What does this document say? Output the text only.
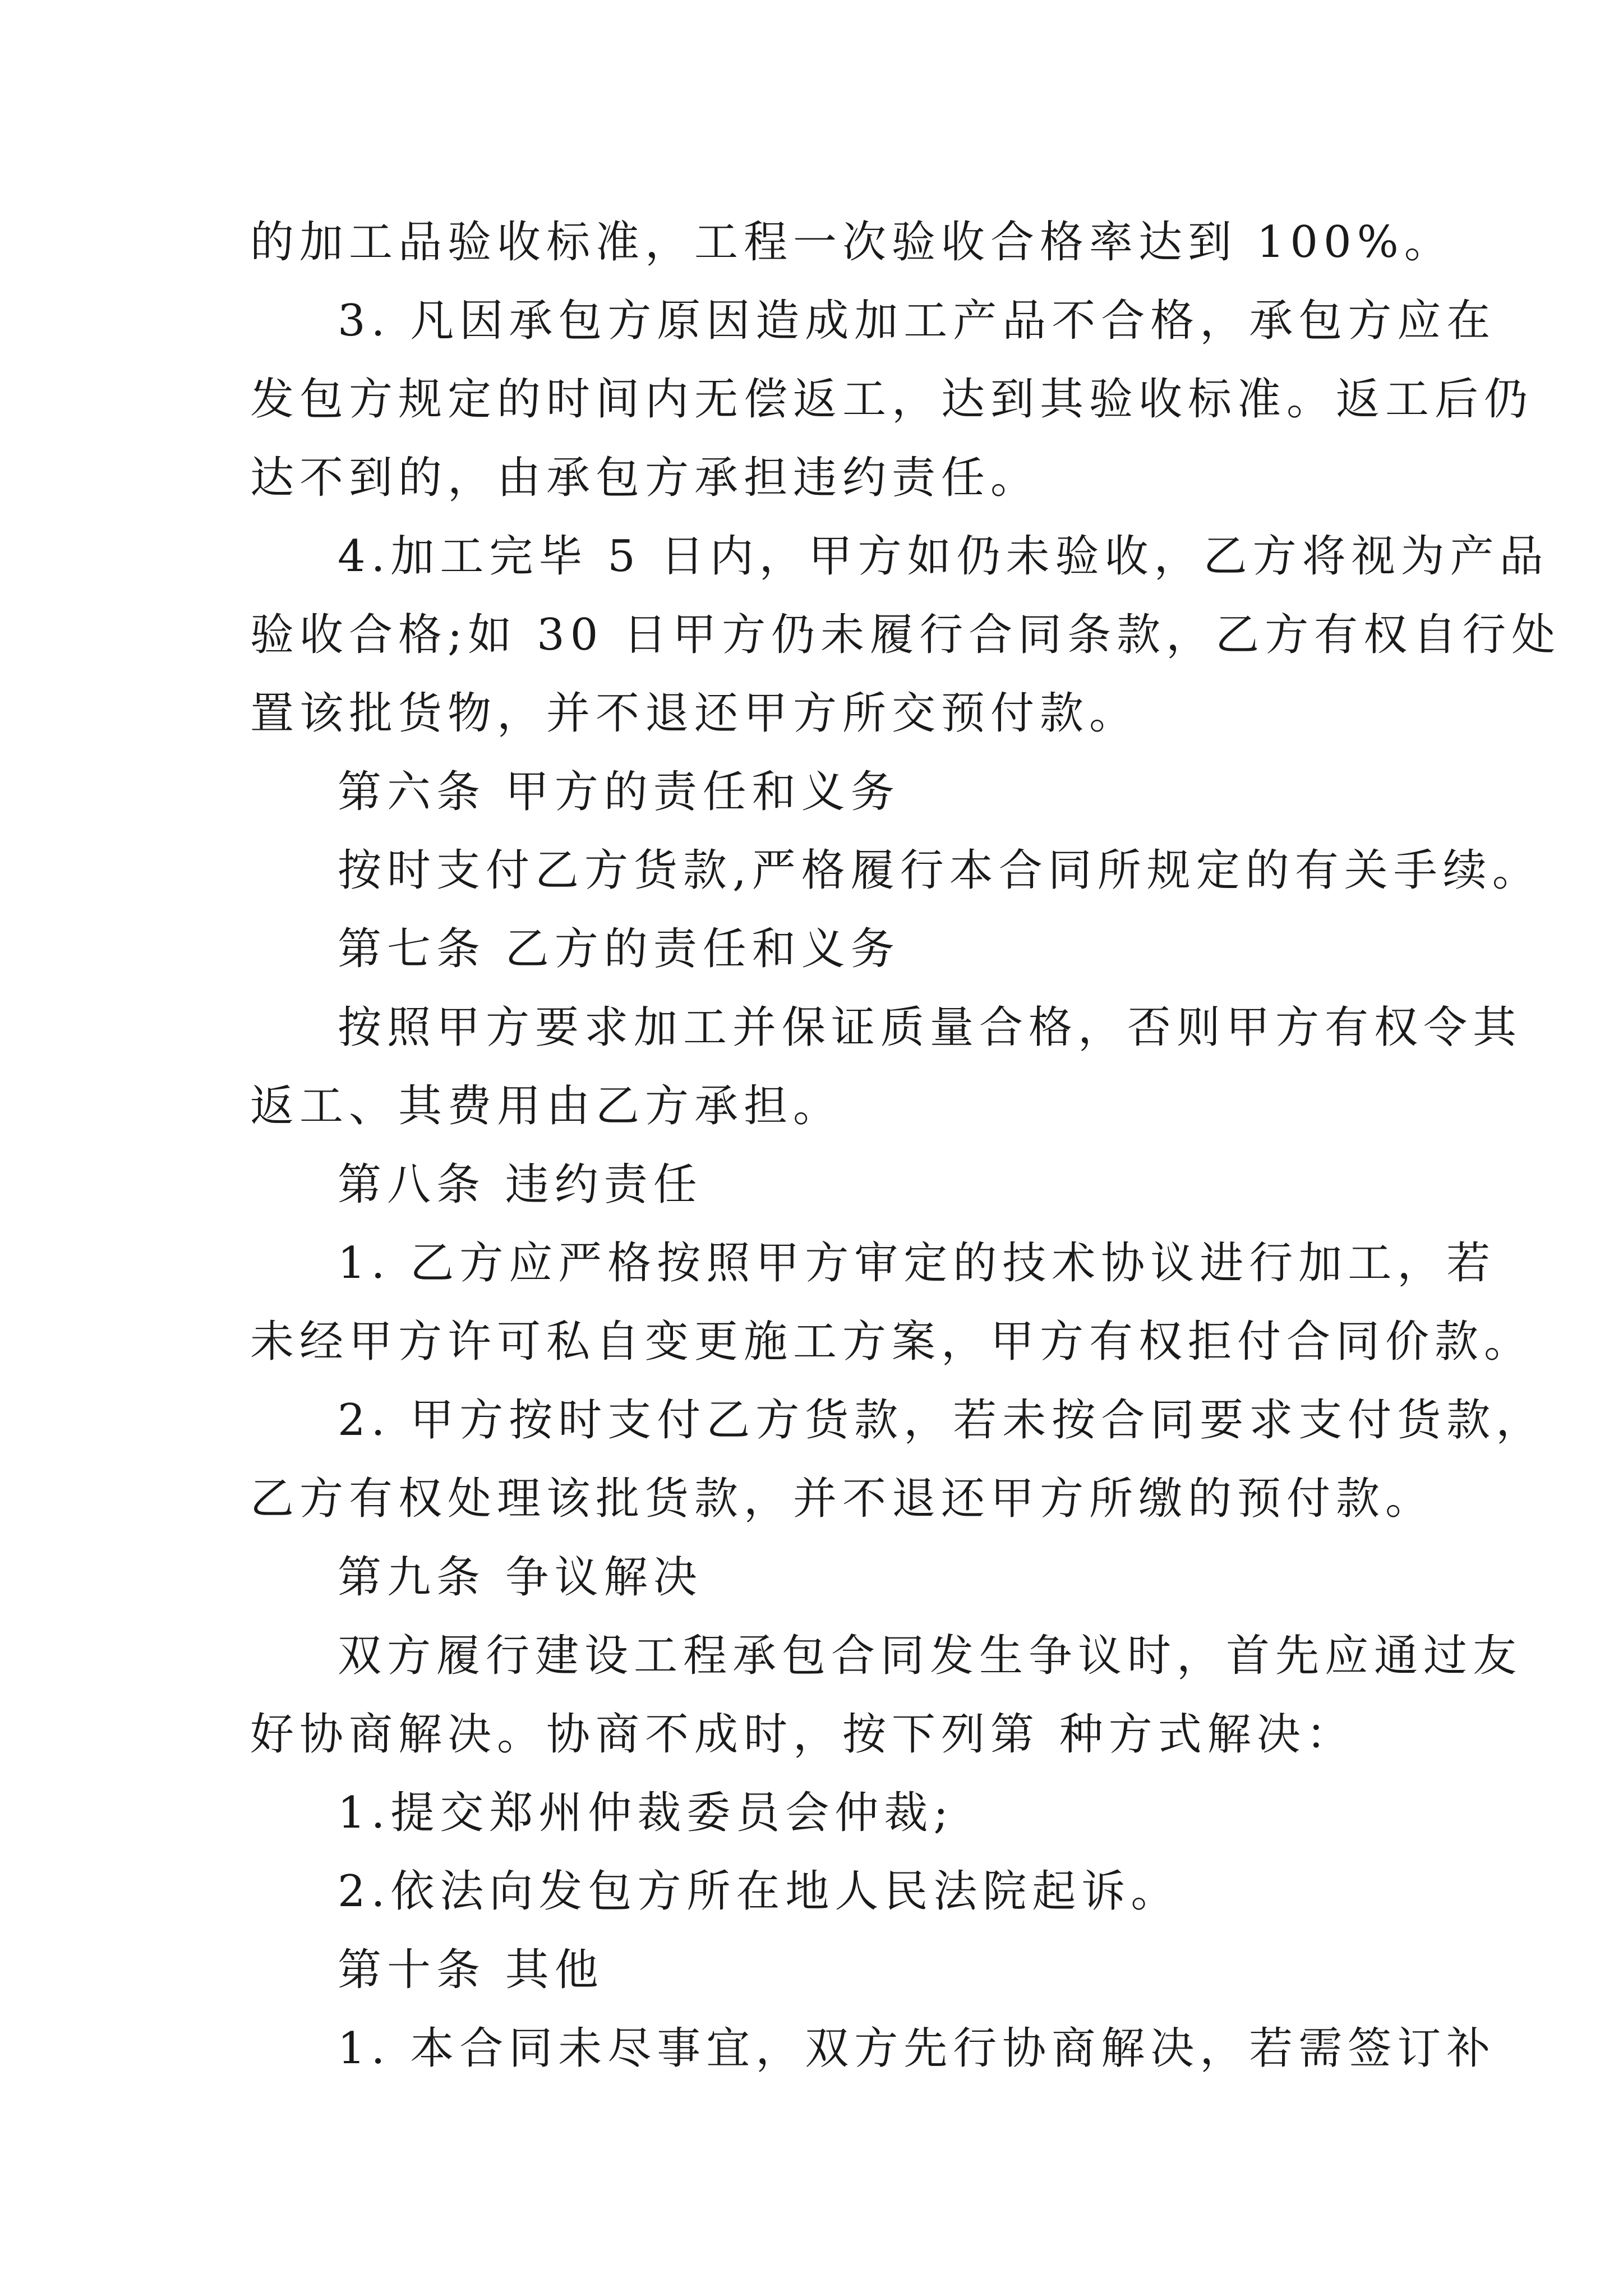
的加工品验收标准，工程一次验收合格率达到 100%。
3. 凡因承包方原因造成加工产品不合格，承包方应在
发包方规定的时间内无偿返工，达到其验收标准。返工后仍
达不到的，由承包方承担违约责任。
4.加工完毕 5 日内，甲方如仍未验收，乙方将视为产品
验收合格;如 30 日甲方仍未履行合同条款，乙方有权自行处
置该批货物，并不退还甲方所交预付款。
第六条 甲方的责任和义务
按时支付乙方货款,严格履行本合同所规定的有关手续。
第七条 乙方的责任和义务
按照甲方要求加工并保证质量合格，否则甲方有权令其
返工、其费用由乙方承担。
第八条 违约责任
1. 乙方应严格按照甲方审定的技术协议进行加工，若
未经甲方许可私自变更施工方案，甲方有权拒付合同价款。
2. 甲方按时支付乙方货款，若未按合同要求支付货款，
乙方有权处理该批货款，并不退还甲方所缴的预付款。
第九条 争议解决
双方履行建设工程承包合同发生争议时，首先应通过友
好协商解决。协商不成时，按下列第 种方式解决：
1.提交郑州仲裁委员会仲裁;
2.依法向发包方所在地人民法院起诉。
第十条 其他
1. 本合同未尽事宜，双方先行协商解决，若需签订补
